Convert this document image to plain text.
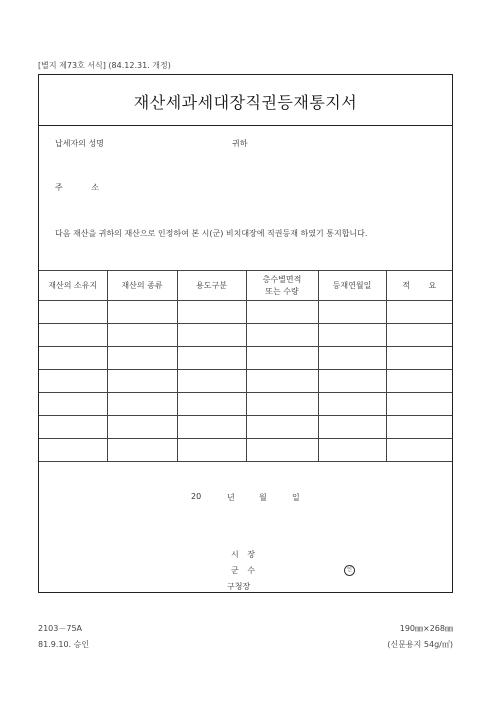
[별지 제73호 서식] (84.12.31. 개정)
재산세과세대장직권등재통지서
납세자의 성명	귀하
주 소
다음 재산을 귀하의 재산으로 인정하여 본 시(군) 비치대장에 직권등재 하였기 통지합니다.
재산의 소유지	재산의 종류	용도구분	층수별면적 또는 수량	등재연월일	적 요

20	년	월	일
시 장
군 수	인
구청장
2103－75A
81.9.10. 승인
190㎜×268㎜
(신문용지 54g/㎡)
